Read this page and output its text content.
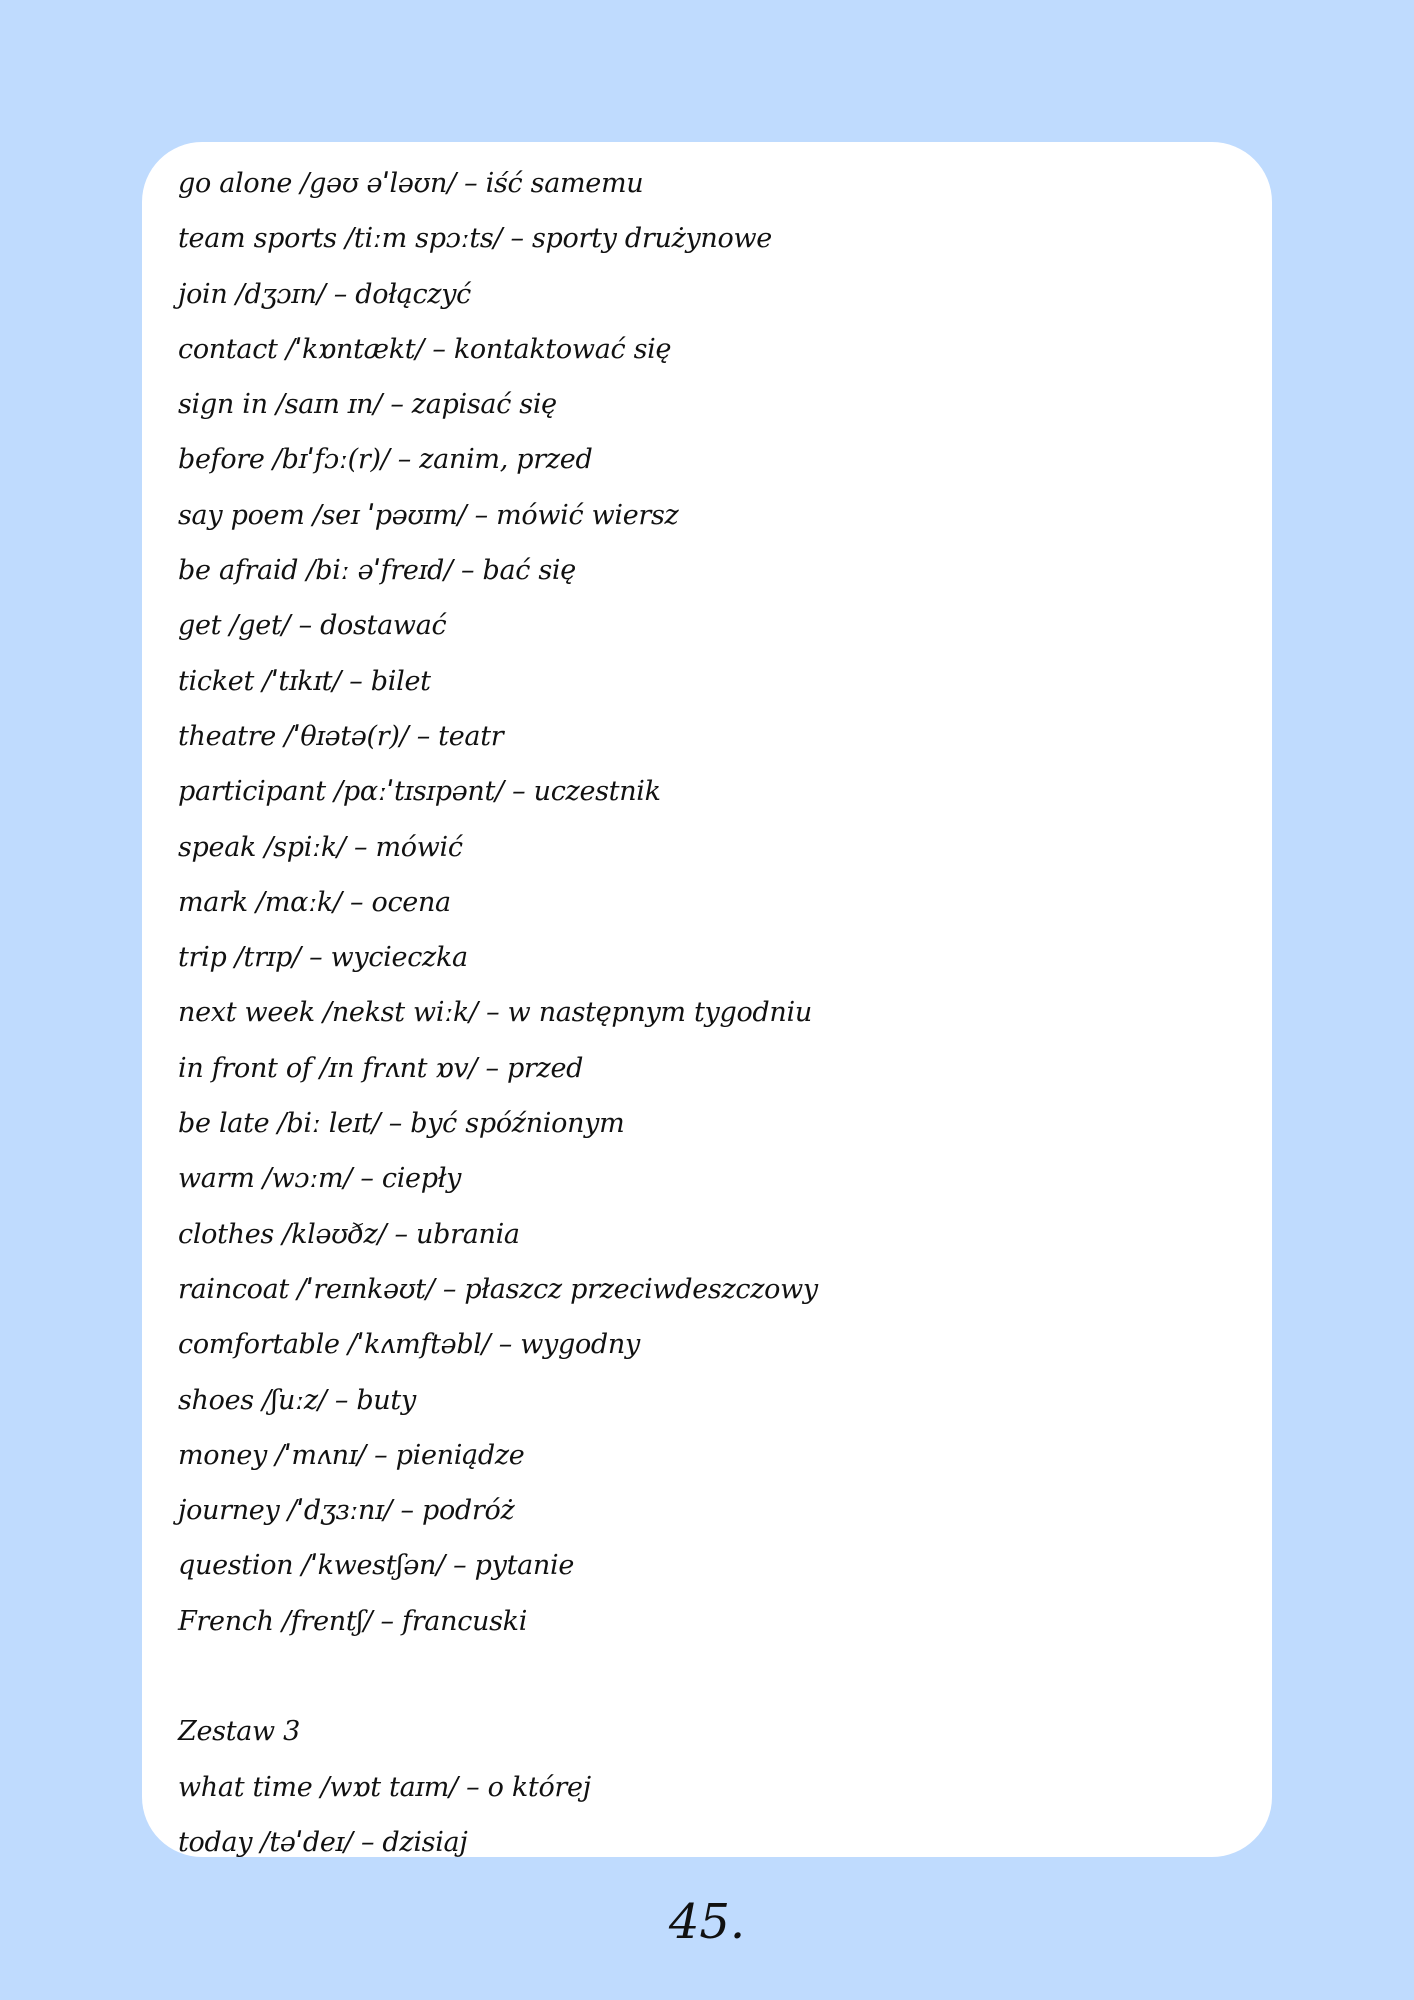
go alone /gəʊ əˈləʊn/ – iść samemu
team sports /tiːm spɔːts/ – sporty drużynowe
join /dʒɔɪn/ – dołączyć
contact /ˈkɒntækt/ – kontaktować się
sign in /saɪn ɪn/ – zapisać się
before /bɪˈfɔː(r)/ – zanim, przed
say poem /seɪ ˈpəʊɪm/ – mówić wiersz
be afraid /biː əˈfreɪd/ – bać się
get /get/ – dostawać
ticket /ˈtɪkɪt/ – bilet
theatre /ˈθɪətə(r)/ – teatr
participant /pɑːˈtɪsɪpənt/ – uczestnik
speak /spiːk/ – mówić
mark /mɑːk/ – ocena
trip /trɪp/ – wycieczka
next week /nekst wiːk/ – w następnym tygodniu
in front of /ɪn frʌnt ɒv/ – przed
be late /biː leɪt/ – być spóźnionym
warm /wɔːm/ – ciepły
clothes /kləʊðz/ – ubrania
raincoat /ˈreɪnkəʊt/ – płaszcz przeciwdeszczowy
comfortable /ˈkʌmftəbl/ – wygodny
shoes /ʃuːz/ – buty
money /ˈmʌnɪ/ – pieniądze
journey /ˈdʒɜːnɪ/ – podróż
question /ˈkwestʃən/ – pytanie
French /frentʃ/ – francuski
Zestaw 3
what time /wɒt taɪm/ – o której
today /təˈdeɪ/ – dzisiaj
45.
